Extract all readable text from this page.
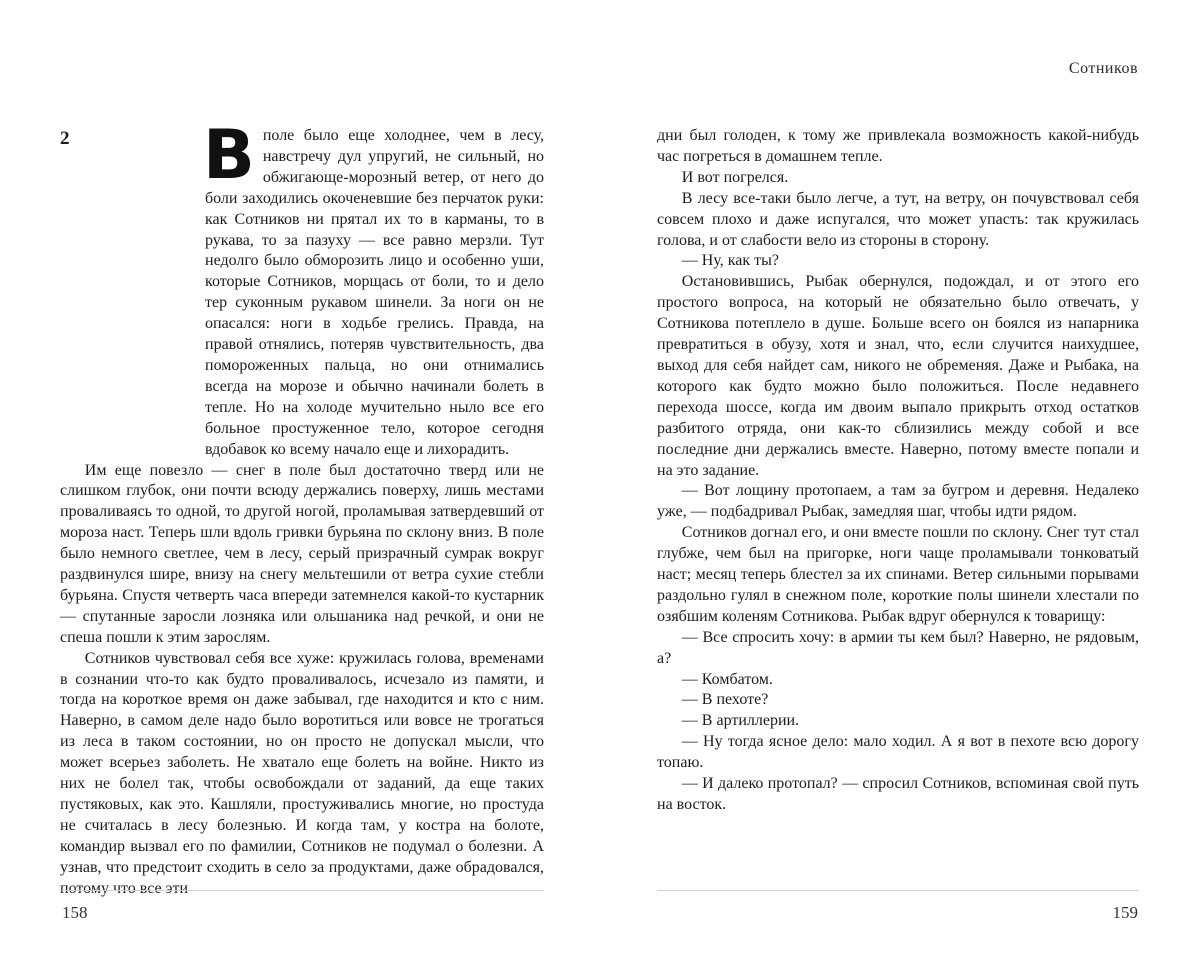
Сотников
2 Вполе было еще холоднее, чем в лесу, навстречу дул упругий, не сильный, но обжигающе-морозный ветер, от него до боли заходились окоченевшие без перчаток руки: как Сотников ни прятал их то в карманы, то в рукава, то за пазуху — все равно мерзли. Тут недолго было обморозить лицо и особенно уши, которые Сотников, морщась от боли, то и дело тер суконным рукавом шинели. За ноги он не опасался: ноги в ходьбе грелись. Правда, на правой отнялись, потеряв чувствительность, два помороженных пальца, но они отнимались всегда на морозе и обычно начинали болеть в тепле. Но на холоде мучительно ныло все его больное простуженное тело, которое сегодня вдобавок ко всему начало еще и лихорадить.

Им еще повезло — снег в поле был достаточно тверд или не слишком глубок, они почти всюду держались поверху, лишь местами проваливаясь то одной, то другой ногой, проламывая затвердевший от мороза наст. Теперь шли вдоль гривки бурьяна по склону вниз. В поле было немного светлее, чем в лесу, серый призрачный сумрак вокруг раздвинулся шире, внизу на снегу мельтешили от ветра сухие стебли бурьяна. Спустя четверть часа впереди затемнелся какой-то кустарник — спутанные заросли лозняка или ольшаника над речкой, и они не спеша пошли к этим зарослям.

Сотников чувствовал себя все хуже: кружилась голова, временами в сознании что-то как будто проваливалось, исчезало из памяти, и тогда на короткое время он даже забывал, где находится и кто с ним. Наверно, в самом деле надо было воротиться или вовсе не трогаться из леса в таком состоянии, но он просто не допускал мысли, что может всерьез заболеть. Не хватало еще болеть на войне. Никто из них не болел так, чтобы освобождали от заданий, да еще таких пустяковых, как это. Кашляли, простуживались многие, но простуда не считалась в лесу болезнью. И когда там, у костра на болоте, командир вызвал его по фамилии, Сотников не подумал о болезни. А узнав, что предстоит сходить в село за продуктами, даже обрадовался, потому что все эти

дни был голоден, к тому же привлекала возможность какой-нибудь час погреться в домашнем тепле.

И вот погрелся.

В лесу все-таки было легче, а тут, на ветру, он почувствовал себя совсем плохо и даже испугался, что может упасть: так кружилась голова, и от слабости вело из стороны в сторону.

— Ну, как ты?

Остановившись, Рыбак обернулся, подождал, и от этого его простого вопроса, на который не обязательно было отвечать, у Сотникова потеплело в душе. Больше всего он боялся из напарника превратиться в обузу, хотя и знал, что, если случится наихудшее, выход для себя найдет сам, никого не обременяя. Даже и Рыбака, на которого как будто можно было положиться. После недавнего перехода шоссе, когда им двоим выпало прикрыть отход остатков разбитого отряда, они как-то сблизились между собой и все последние дни держались вместе. Наверно, потому вместе попали и на это задание.

— Вот лощину протопаем, а там за бугром и деревня. Недалеко уже, — подбадривал Рыбак, замедляя шаг, чтобы идти рядом.

Сотников догнал его, и они вместе пошли по склону. Снег тут стал глубже, чем был на пригорке, ноги чаще проламывали тонковатый наст; месяц теперь блестел за их спинами. Ветер сильными порывами раздольно гулял в снежном поле, короткие полы шинели хлестали по озябшим коленям Сотникова. Рыбак вдруг обернулся к товарищу:

— Все спросить хочу: в армии ты кем был? Наверно, не рядовым, а?

— Комбатом.

— В пехоте?

— В артиллерии.

— Ну тогда ясное дело: мало ходил. А я вот в пехоте всю дорогу топаю.

— И далеко протопал? — спросил Сотников, вспоминая свой путь на восток.

158	159
